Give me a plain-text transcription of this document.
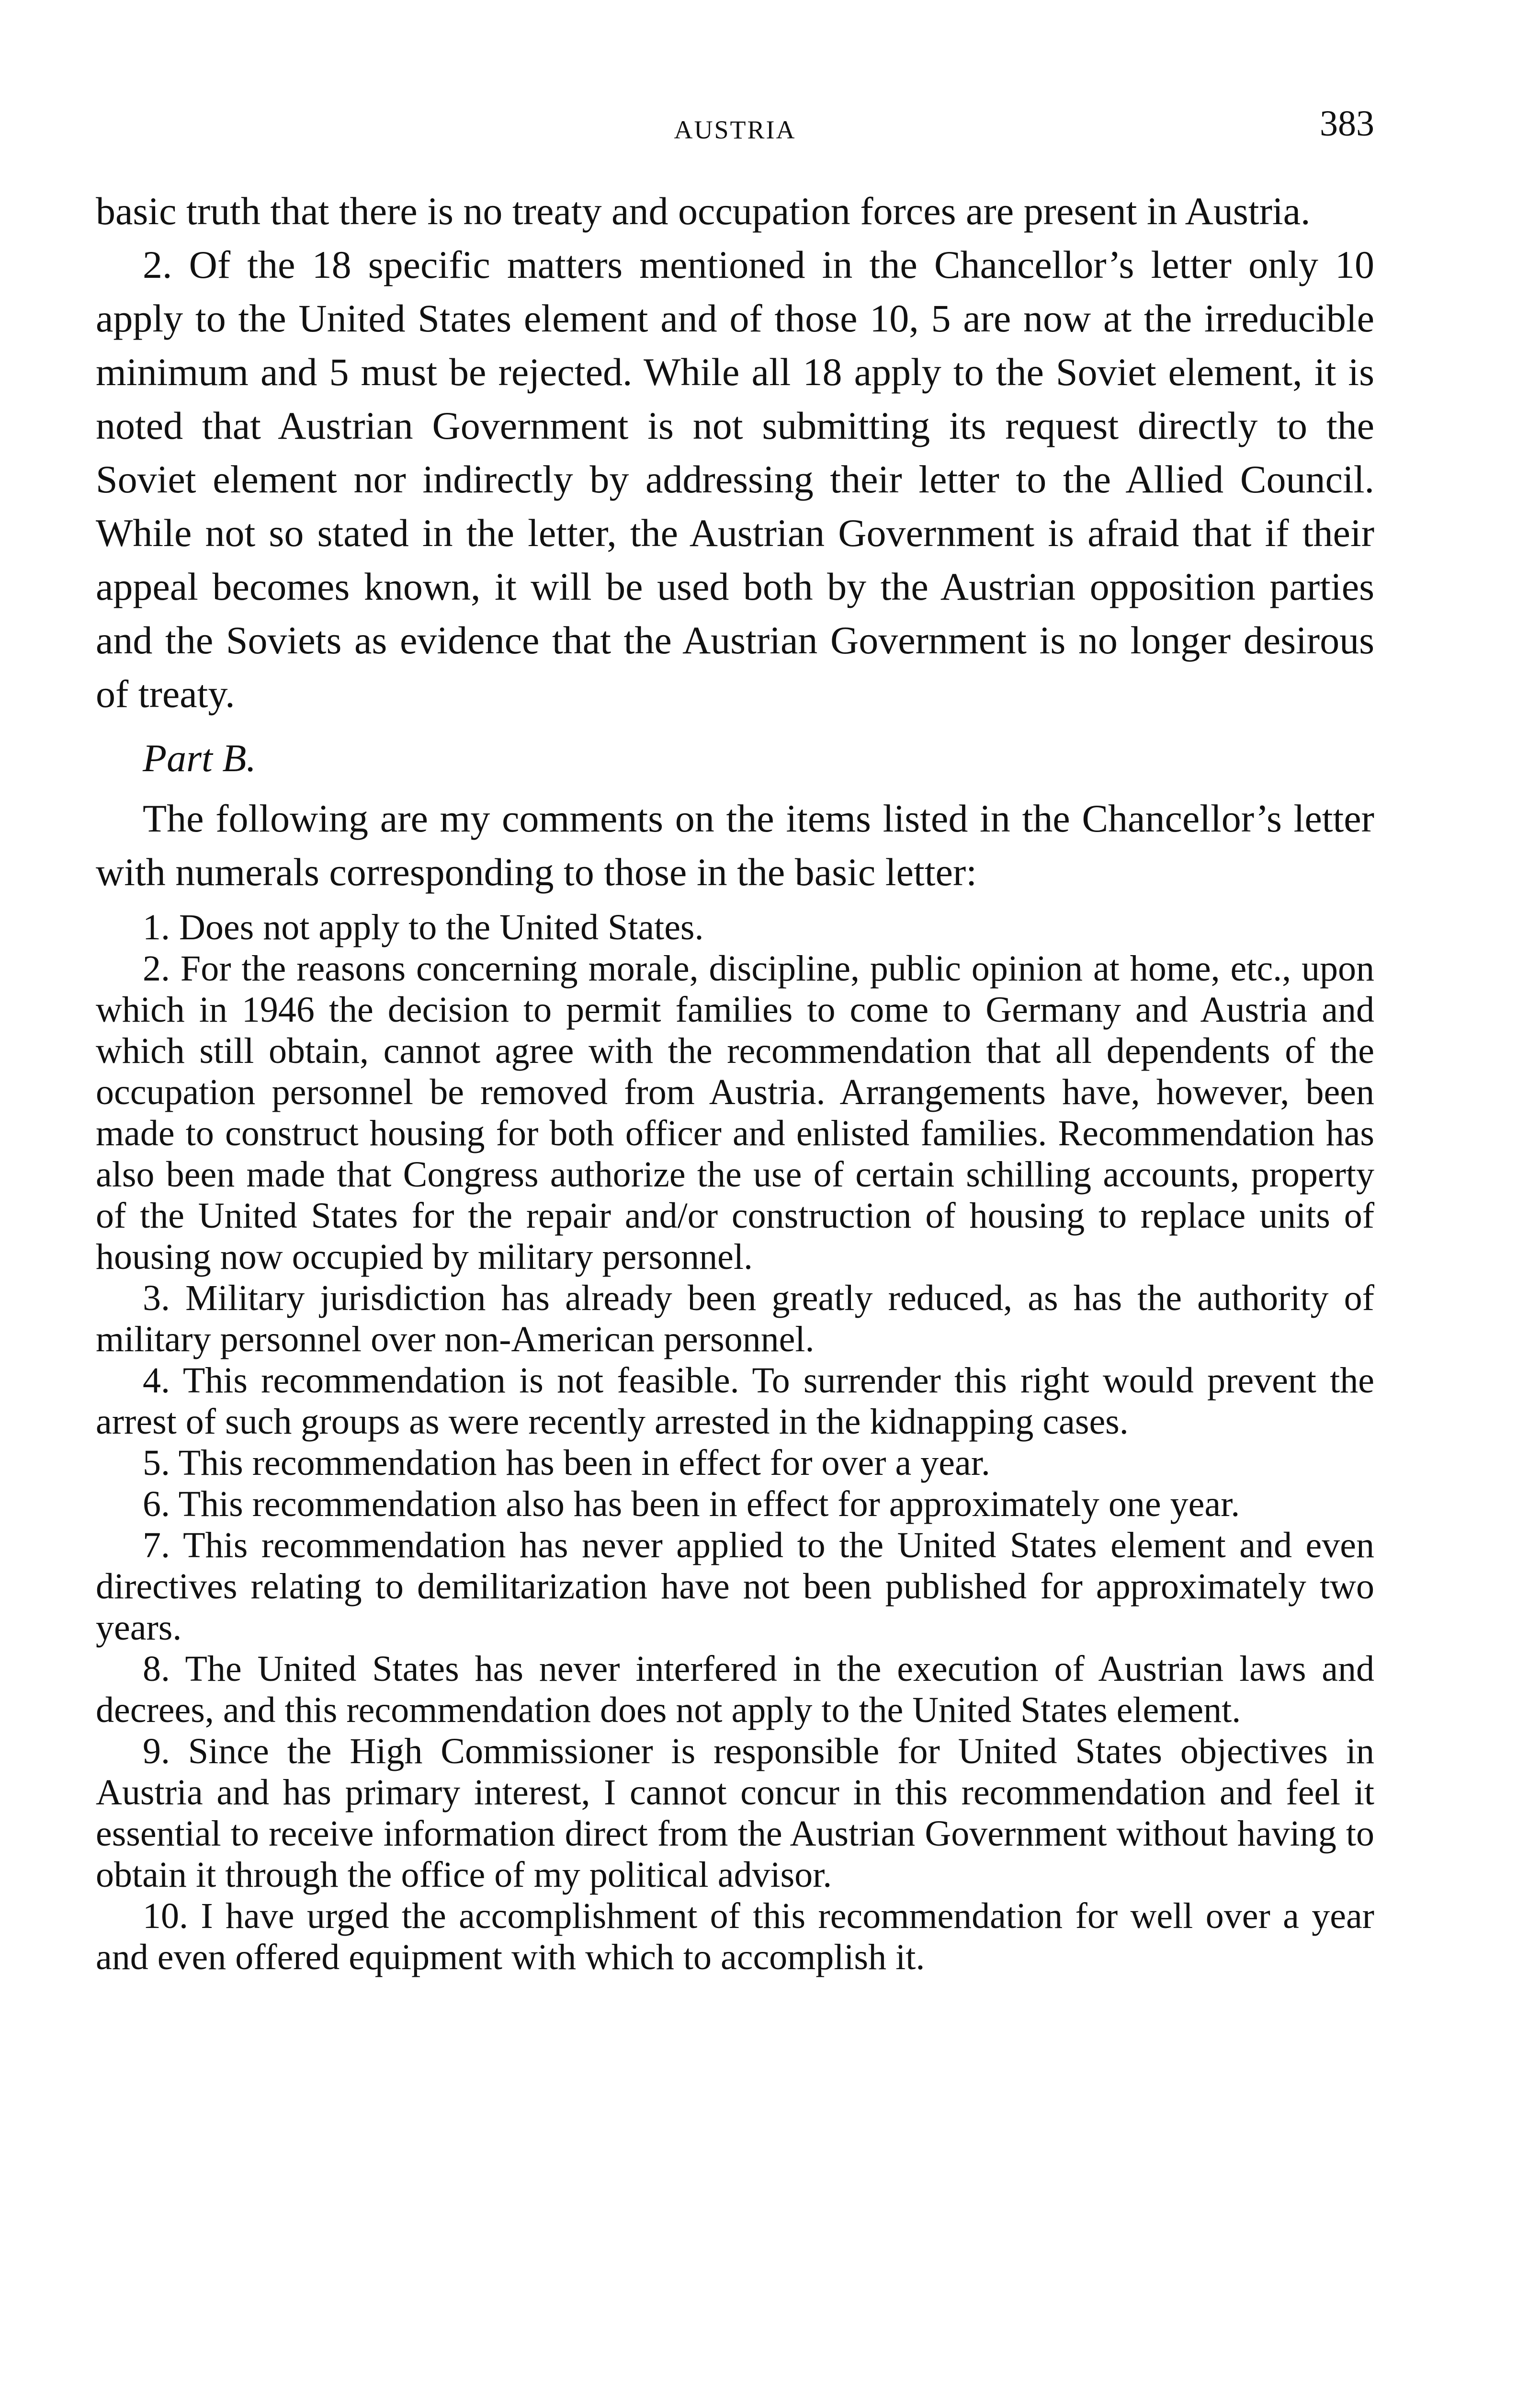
AUSTRIA	383

basic truth that there is no treaty and occupation forces are present in Austria.

2. Of the 18 specific matters mentioned in the Chancellor’s letter only 10 apply to the United States element and of those 10, 5 are now at the irreducible minimum and 5 must be rejected. While all 18 apply to the Soviet element, it is noted that Austrian Government is not submitting its request directly to the Soviet element nor indirectly by addressing their letter to the Allied Council. While not so stated in the letter, the Austrian Government is afraid that if their appeal becomes known, it will be used both by the Austrian opposition parties and the Soviets as evidence that the Austrian Government is no longer desirous of treaty.

Part B.

The following are my comments on the items listed in the Chancellor’s letter with numerals corresponding to those in the basic letter:

1. Does not apply to the United States.

2. For the reasons concerning morale, discipline, public opinion at home, etc., upon which in 1946 the decision to permit families to come to Germany and Austria and which still obtain, cannot agree with the recommendation that all dependents of the occupation personnel be removed from Austria. Arrangements have, however, been made to construct housing for both officer and enlisted families. Recommendation has also been made that Congress authorize the use of certain schilling accounts, property of the United States for the repair and/or construction of housing to replace units of housing now occupied by military personnel.

3. Military jurisdiction has already been greatly reduced, as has the authority of military personnel over non-American personnel.

4. This recommendation is not feasible. To surrender this right would prevent the arrest of such groups as were recently arrested in the kidnapping cases.

5. This recommendation has been in effect for over a year.

6. This recommendation also has been in effect for approximately one year.

7. This recommendation has never applied to the United States element and even directives relating to demilitarization have not been published for approximately two years.

8. The United States has never interfered in the execution of Austrian laws and decrees, and this recommendation does not apply to the United States element.

9. Since the High Commissioner is responsible for United States objectives in Austria and has primary interest, I cannot concur in this recommendation and feel it essential to receive information direct from the Austrian Government without having to obtain it through the office of my political advisor.

10. I have urged the accomplishment of this recommendation for well over a year and even offered equipment with which to accomplish it.
